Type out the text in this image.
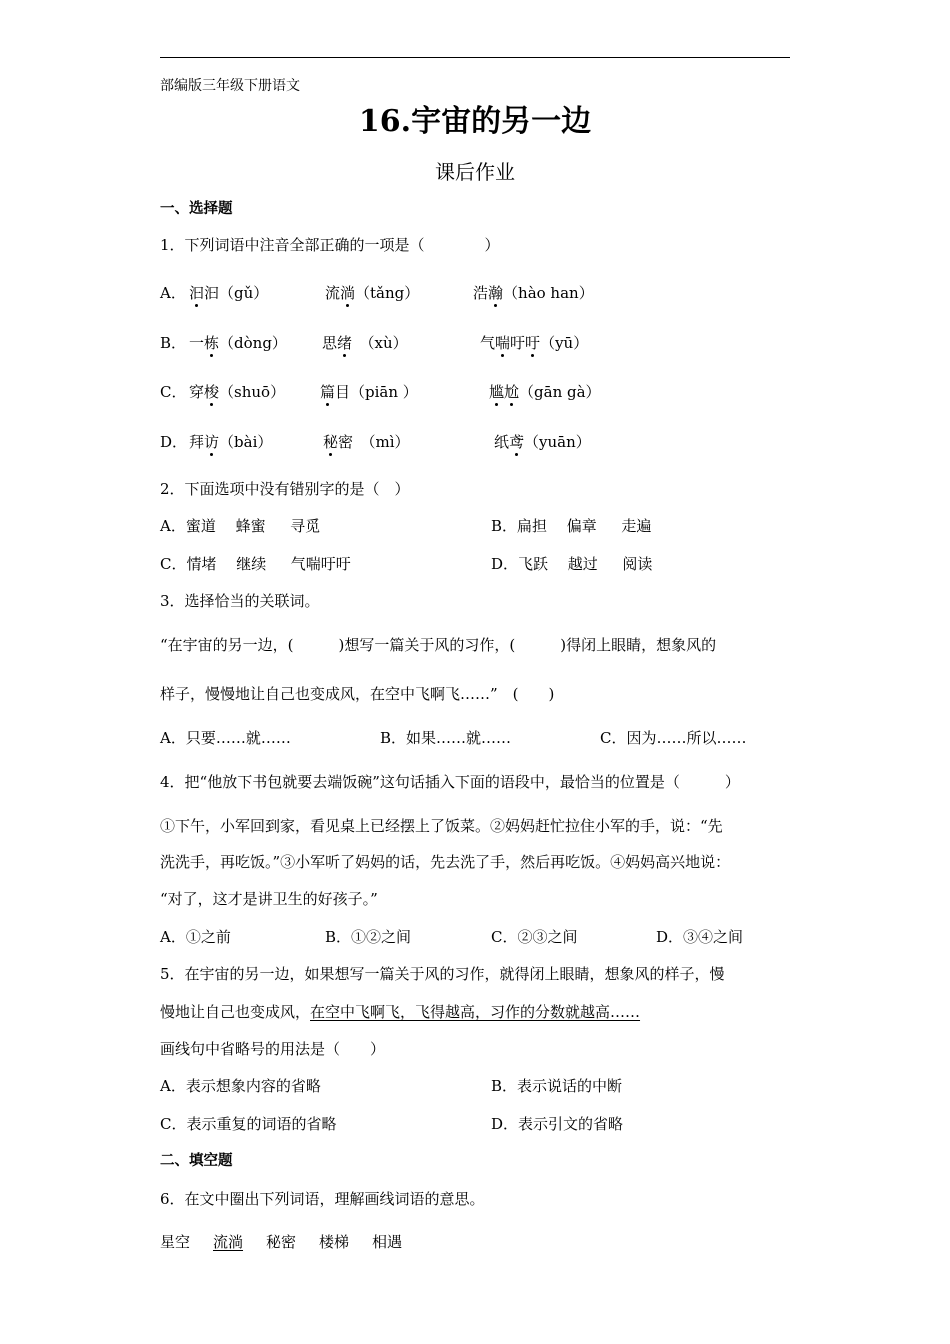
部编版三年级下册语文
16.宇宙的另一边
课后作业
一、选择题
1．下列词语中注音全部正确的一项是（　　　　）
A． 汩汩（gǔ）	流淌（tǎng）	浩瀚（hào han）
B． 一栋（dòng） 思绪　（xù）	气喘吁吁（yū）
C． 穿梭（shuō） 篇目（piān ）	尴尬（gān gà）
D． 拜访（bài）	秘密　（mì）	纸鸢（yuān）
2．下面选项中没有错别字的是（　）
A．蜜道　 蜂蜜 　 寻觅	B．扁担　 偏章 　 走遍
C．情堵　 继续 　 气喘吁吁	D．飞跃　 越过 　 阅读
3．选择恰当的关联词。
“在宇宙的另一边，(　　　)想写一篇关于风的习作，(　　　)得闭上眼睛，想象风的
样子，慢慢地让自己也变成风，在空中飞啊飞……”　(　　)
A．只要……就……	B．如果……就……	C．因为……所以……
4．把“他放下书包就要去端饭碗”这句话插入下面的语段中，最恰当的位置是（　　　）
①下午，小军回到家，看见桌上已经摆上了饭菜。②妈妈赶忙拉住小军的手，说：“先
洗洗手，再吃饭。”③小军听了妈妈的话，先去洗了手，然后再吃饭。④妈妈高兴地说：
“对了，这才是讲卫生的好孩子。”
A．①之前	B．①②之间	C．②③之间	D．③④之间
5．在宇宙的另一边，如果想写一篇关于风的习作，就得闭上眼睛，想象风的样子，慢
慢地让自己也变成风，在空中飞啊飞，飞得越高，习作的分数就越高……
画线句中省略号的用法是（　　）
A．表示想象内容的省略	B．表示说话的中断
C．表示重复的词语的省略	D．表示引文的省略
二、填空题
6．在文中圈出下列词语，理解画线词语的意思。
星空 流淌 秘密 楼梯 相遇
